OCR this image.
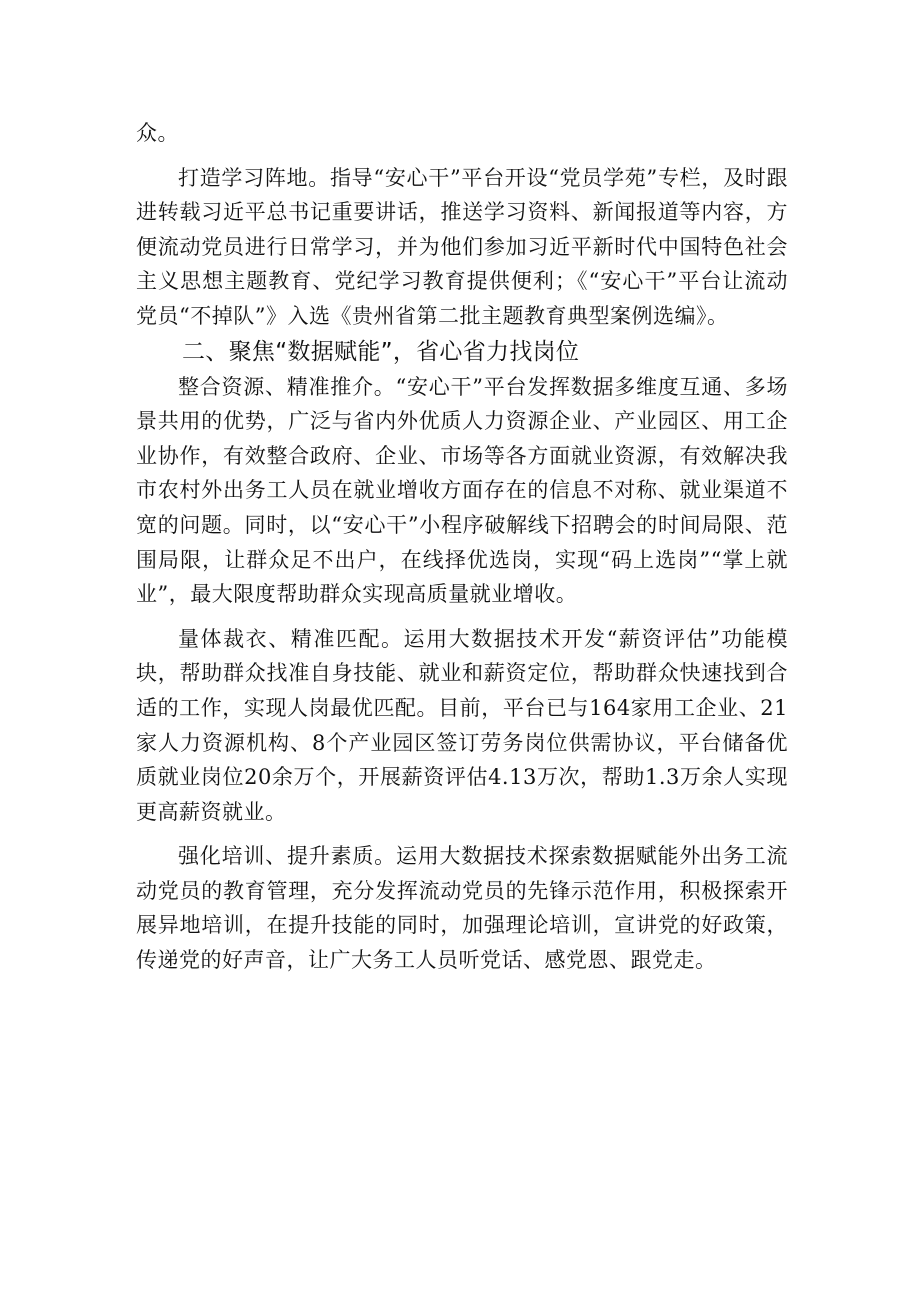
众。

打造学习阵地。指导“安心干”平台开设“党员学苑”专栏，及时跟进转载习近平总书记重要讲话，推送学习资料、新闻报道等内容，方便流动党员进行日常学习，并为他们参加习近平新时代中国特色社会主义思想主题教育、党纪学习教育提供便利；《“安心干”平台让流动党员“不掉队”》入选《贵州省第二批主题教育典型案例选编》。

二、聚焦“数据赋能”，省心省力找岗位

整合资源、精准推介。“安心干”平台发挥数据多维度互通、多场景共用的优势，广泛与省内外优质人力资源企业、产业园区、用工企业协作，有效整合政府、企业、市场等各方面就业资源，有效解决我市农村外出务工人员在就业增收方面存在的信息不对称、就业渠道不宽的问题。同时，以“安心干”小程序破解线下招聘会的时间局限、范围局限，让群众足不出户，在线择优选岗，实现“码上选岗”“掌上就业”，最大限度帮助群众实现高质量就业增收。

量体裁衣、精准匹配。运用大数据技术开发“薪资评估”功能模块，帮助群众找准自身技能、就业和薪资定位，帮助群众快速找到合适的工作，实现人岗最优匹配。目前，平台已与164家用工企业、21家人力资源机构、8个产业园区签订劳务岗位供需协议，平台储备优质就业岗位20余万个，开展薪资评估4.13万次，帮助1.3万余人实现更高薪资就业。

强化培训、提升素质。运用大数据技术探索数据赋能外出务工流动党员的教育管理，充分发挥流动党员的先锋示范作用，积极探索开展异地培训，在提升技能的同时，加强理论培训，宣讲党的好政策，传递党的好声音，让广大务工人员听党话、感党恩、跟党走。
